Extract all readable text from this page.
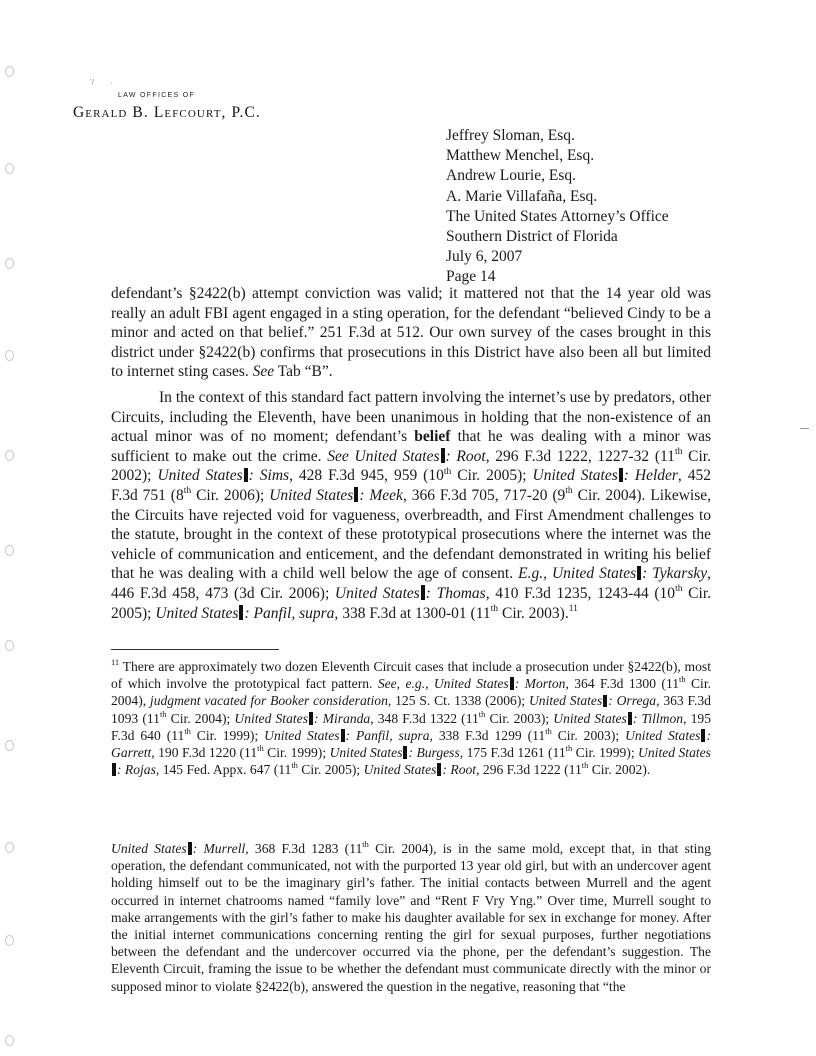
ʼ/ ·
LAW OFFICES OF
Gerald B. Lefcourt, P.C.
Jeffrey Sloman, Esq.
Matthew Menchel, Esq.
Andrew Lourie, Esq.
A. Marie Villafaña, Esq.
The United States Attorney’s Office
Southern District of Florida
July 6, 2007
Page 14
defendant’s §2422(b) attempt conviction was valid; it mattered not that the 14 year old was really an adult FBI agent engaged in a sting operation, for the defendant “believed Cindy to be a minor and acted on that belief.” 251 F.3d at 512. Our own survey of the cases brought in this district under §2422(b) confirms that prosecutions in this District have also been all but limited to internet sting cases. See Tab “B”.
In the context of this standard fact pattern involving the internet’s use by predators, other Circuits, including the Eleventh, have been unanimous in holding that the non-existence of an actual minor was of no moment; defendant’s belief that he was dealing with a minor was sufficient to make out the crime. See United States : Root, 296 F.3d 1222, 1227-32 (11th Cir. 2002); United States : Sims, 428 F.3d 945, 959 (10th Cir. 2005); United States : Helder, 452 F.3d 751 (8th Cir. 2006); United States : Meek, 366 F.3d 705, 717-20 (9th Cir. 2004). Likewise, the Circuits have rejected void for vagueness, overbreadth, and First Amendment challenges to the statute, brought in the context of these prototypical prosecutions where the internet was the vehicle of communication and enticement, and the defendant demonstrated in writing his belief that he was dealing with a child well below the age of consent. E.g., United States : Tykarsky, 446 F.3d 458, 473 (3d Cir. 2006); United States : Thomas, 410 F.3d 1235, 1243-44 (10th Cir. 2005); United States : Panfil, supra, 338 F.3d at 1300-01 (11th Cir. 2003).$^{11}$
$^{11}$ There are approximately two dozen Eleventh Circuit cases that include a prosecution under §2422(b), most of which involve the prototypical fact pattern. See, e.g., United States : Morton, 364 F.3d 1300 (11th Cir. 2004), judgment vacated for Booker consideration, 125 S. Ct. 1338 (2006); United States : Orrega, 363 F.3d 1093 (11th Cir. 2004); United States : Miranda, 348 F.3d 1322 (11th Cir. 2003); United States : Tillmon, 195 F.3d 640 (11th Cir. 1999); United States : Panfil, supra, 338 F.3d 1299 (11th Cir. 2003); United States : Garrett, 190 F.3d 1220 (11th Cir. 1999); United States : Burgess, 175 F.3d 1261 (11th Cir. 1999); United States: Rojas, 145 Fed. Appx. 647 (11th Cir. 2005); United States : Root, 296 F.3d 1222 (11th Cir. 2002).
United States : Murrell, 368 F.3d 1283 (11th Cir. 2004), is in the same mold, except that, in that sting operation, the defendant communicated, not with the purported 13 year old girl, but with an undercover agent holding himself out to be the imaginary girl’s father. The initial contacts between Murrell and the agent occurred in internet chatrooms named “family love” and “Rent F Vry Yng.” Over time, Murrell sought to make arrangements with the girl’s father to make his daughter available for sex in exchange for money. After the initial internet communications concerning renting the girl for sexual purposes, further negotiations between the defendant and the undercover occurred via the phone, per the defendant’s suggestion. The Eleventh Circuit, framing the issue to be whether the defendant must communicate directly with the minor or supposed minor to violate §2422(b), answered the question in the negative, reasoning that “the
